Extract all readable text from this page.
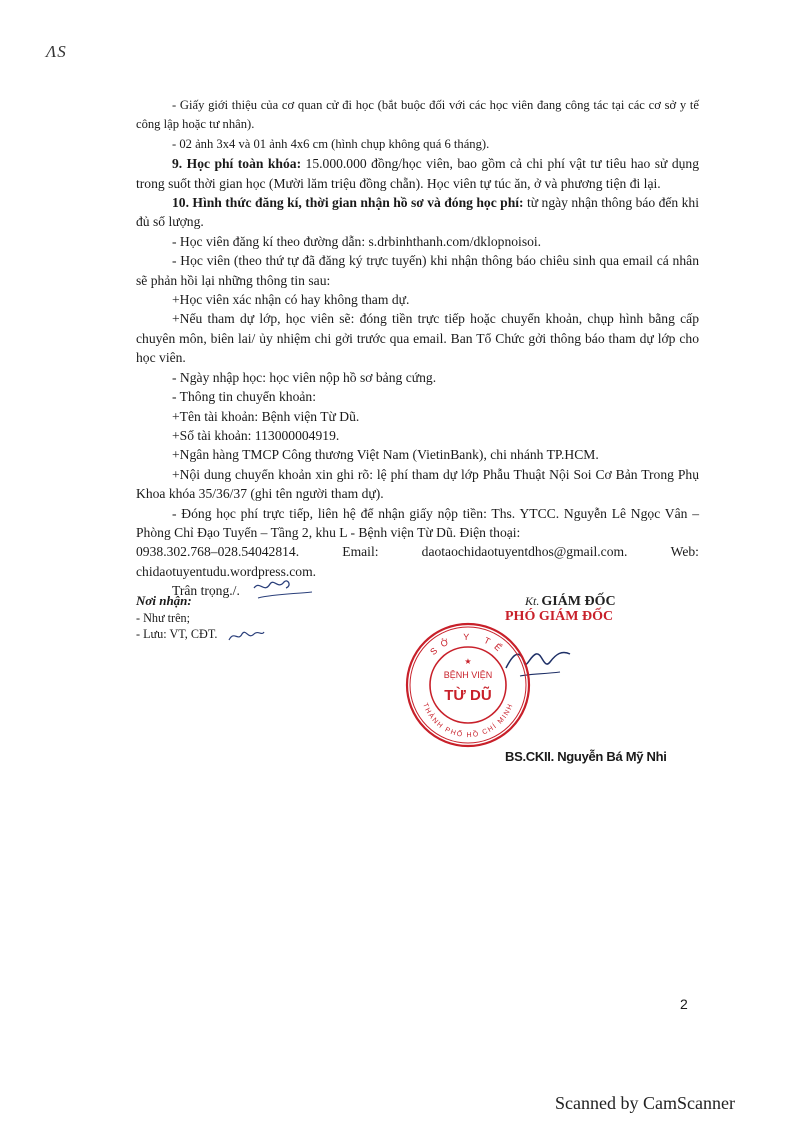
ɅS

- Giấy giới thiệu của cơ quan cử đi học (bắt buộc đối với các học viên đang công tác tại các cơ sở y tế công lập hoặc tư nhân).

- 02 ảnh 3x4 và 01 ảnh 4x6 cm (hình chụp không quá 6 tháng).

9. Học phí toàn khóa: 15.000.000 đồng/học viên, bao gồm cả chi phí vật tư tiêu hao sử dụng trong suốt thời gian học (Mười lăm triệu đồng chẵn). Học viên tự túc ăn, ở và phương tiện đi lại.

10. Hình thức đăng kí, thời gian nhận hồ sơ và đóng học phí: từ ngày nhận thông báo đến khi đủ số lượng.

- Học viên đăng kí theo đường dẫn: s.drbinhthanh.com/dklopnoisoi.

- Học viên (theo thứ tự đã đăng ký trực tuyến) khi nhận thông báo chiêu sinh qua email cá nhân sẽ phản hồi lại những thông tin sau:

+Học viên xác nhận có hay không tham dự.

+Nếu tham dự lớp, học viên sẽ: đóng tiền trực tiếp hoặc chuyển khoản, chụp hình bằng cấp chuyên môn, biên lai/ ủy nhiệm chi gởi trước qua email. Ban Tổ Chức gởi thông báo tham dự lớp cho học viên.

- Ngày nhập học: học viên nộp hồ sơ bảng cứng.

- Thông tin chuyển khoản:

+Tên tài khoản: Bệnh viện Từ Dũ.

+Số tài khoản: 113000004919.

+Ngân hàng TMCP Công thương Việt Nam (VietinBank), chi nhánh TP.HCM.

+Nội dung chuyển khoản xin ghi rõ: lệ phí tham dự lớp Phẫu Thuật Nội Soi Cơ Bản Trong Phụ Khoa khóa 35/36/37 (ghi tên người tham dự).

- Đóng học phí trực tiếp, liên hệ để nhận giấy nộp tiền: Ths. YTCC. Nguyễn Lê Ngọc Vân – Phòng Chỉ Đạo Tuyến – Tầng 2, khu L - Bệnh viện Từ Dũ. Điện thoại:

0938.302.768–028.54042814.	Email:	daotaochidaotuyentdhos@gmail.com.	Web:

chidaotuyentudu.wordpress.com.

Trân trọng./.

Nơi nhận:
- Như trên;
- Lưu: VT, CĐT.
Kt. GIÁM ĐỐC
PHÓ GIÁM ĐỐC
BS.CKII. Nguyễn Bá Mỹ Nhi
SỞ Y TẾ
THÀNH PHỐ HỒ CHÍ MINH
BỆNH VIỆN
TỪ DŨ
★
2
Scanned by CamScanner
